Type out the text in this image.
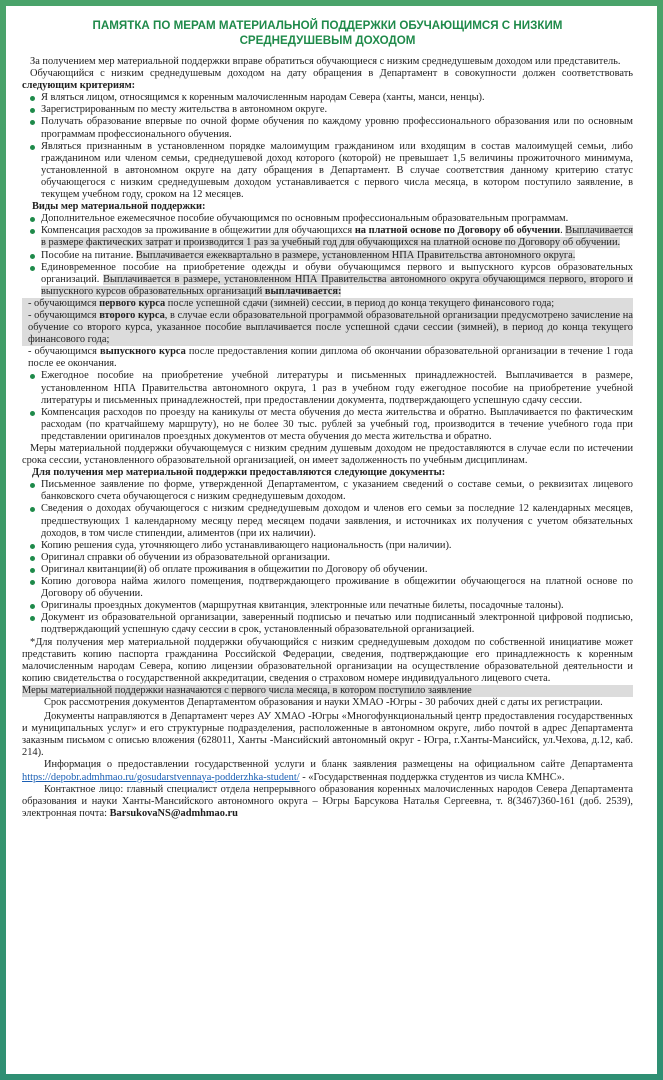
ПАМЯТКА ПО МЕРАМ МАТЕРИАЛЬНОЙ ПОДДЕРЖКИ ОБУЧАЮЩИМСЯ С НИЗКИМ СРЕДНЕДУШЕВЫМ ДОХОДОМ

За получением мер материальной поддержки вправе обратиться обучающиеся с низким среднедушевым доходом или представитель.

Обучающийся с низким среднедушевым доходом на дату обращения в Департамент в совокупности должен соответствовать следующим критериям:

Я вляться лицом, относящимся к коренным малочисленным народам Севера (ханты, манси, ненцы).
Зарегистрированным по месту жительства в автономном округе.
Получать образование впервые по очной форме обучения по каждому уровню профессионального образования или по основным программам профессионального обучения.
Являться признанным в установленном порядке малоимущим гражданином или входящим в состав малоимущей семьи, либо гражданином или членом семьи, среднедушевой доход которого (которой) не превышает 1,5 величины прожиточного минимума, установленной в автономном округе на дату обращения в Департамент. В случае соответствия данному критерию статус обучающегося с низким среднедушевым доходом устанавливается с первого числа месяца, в котором поступило заявление, в текущем учебном году, сроком на 12 месяцев.
Виды мер материальной поддержки:
Дополнительное ежемесячное пособие обучающимся по основным профессиональным образовательным программам.
Компенсация расходов за проживание в общежитии для обучающихся на платной основе по Договору об обучении. Выплачивается в размере фактических затрат и производится 1 раз за учебный год для обучающихся на платной основе по Договору об обучении.
Пособие на питание. Выплачивается ежеквартально в размере, установленном НПА Правительства автономного округа.
Единовременное пособие на приобретение одежды и обуви обучающимся первого и выпускного курсов образовательных организаций. Выплачивается в размере, установленном НПА Правительства автономного округа обучающимся первого, второго и выпускного курсов образовательных организаций выплачивается:

- обучающимся первого курса после успешной сдачи (зимней) сессии, в период до конца текущего финансового года;

- обучающимся второго курса, в случае если образовательной программой образовательной организации предусмотрено зачисление на обучение со второго курса, указанное пособие выплачивается после успешной сдачи сессии (зимней), в период до конца текущего финансового года;

- обучающимся выпускного курса после предоставления копии диплома об окончании образовательной организации в течение 1 года после ее окончания.

Ежегодное пособие на приобретение учебной литературы и письменных принадлежностей. Выплачивается в размере, установленном НПА Правительства автономного округа, 1 раз в учебном году ежегодное пособие на приобретение учебной литературы и письменных принадлежностей, при предоставлении документа, подтверждающего успешную сдачу сессии.
Компенсация расходов по проезду на каникулы от места обучения до места жительства и обратно. Выплачивается по фактическим расходам (по кратчайшему маршруту), но не более 30 тыс. рублей за учебный год, производится в течение учебного года при представлении оригиналов проездных документов от места обучения до места жительства и обратно.

Меры материальной поддержки обучающемуся с низким средним душевым доходом не предоставляются в случае если по истечении срока сессии, установленного образовательной организацией, он имеет задолженность по учебным дисциплинам.

Для получения мер материальной поддержки предоставляются следующие документы:
Письменное заявление по форме, утвержденной Департаментом, с указанием сведений о составе семьи, о реквизитах лицевого банковского счета обучающегося с низким среднедушевым доходом.
Сведения о доходах обучающегося с низким среднедушевым доходом и членов его семьи за последние 12 календарных месяцев, предшествующих 1 календарному месяцу перед месяцем подачи заявления, и источниках их получения с учетом обязательных доходов, в том числе стипендии, алиментов (при их наличии).
Копию решения суда, уточняющего либо устанавливающего национальность (при наличии).
Оригинал справки об обучении из образовательной организации.
Оригинал квитанции(й) об оплате проживания в общежитии по Договору об обучении.
Копию договора найма жилого помещения, подтверждающего проживание в общежитии обучающегося на платной основе по Договору об обучении.
Оригиналы проездных документов (маршрутная квитанция, электронные или печатные билеты, посадочные талоны).
Документ из образовательной организации, заверенный подписью и печатью или подписанный электронной цифровой подписью, подтверждающий успешную сдачу сессии в срок, установленный образовательной организацией.

*Для получения мер материальной поддержки обучающийся с низким среднедушевым доходом по собственной инициативе может представить копию паспорта гражданина Российской Федерации, сведения, подтверждающие его принадлежность к коренным малочисленным народам Севера, копию лицензии образовательной организации на осуществление образовательной деятельности и копию свидетельства о государственной аккредитации, сведения о страховом номере индивидуального лицевого счета.

Меры материальной поддержки назначаются с первого числа месяца, в котором поступило заявление

Срок рассмотрения документов Департаментом образования и науки ХМАО -Югры - 30 рабочих дней с даты их регистрации.

Документы направляются в Департамент через АУ ХМАО -Югры «Многофункциональный центр предоставления государственных и муниципальных услуг» и его структурные подразделения, расположенные в автономном округе, либо почтой в адрес Департамента заказным письмом с описью вложения (628011, Ханты -Мансийский автономный округ - Югра, г.Ханты-Мансийск, ул.Чехова, д.12, каб. 214).

Информация о предоставлении государственной услуги и бланк заявления размещены на официальном сайте Департамента https://depobr.admhmao.ru/gosudarstvennaya-podderzhka-student/ - «Государственная поддержка студентов из числа КМНС».

Контактное лицо: главный специалист отдела непрерывного образования коренных малочисленных народов Севера Департамента образования и науки Ханты-Мансийского автономного округа – Югры Барсукова Наталья Сергеевна, т. 8(3467)360-161 (доб. 2539), электронная почта: BarsukovaNS@admhmao.ru
